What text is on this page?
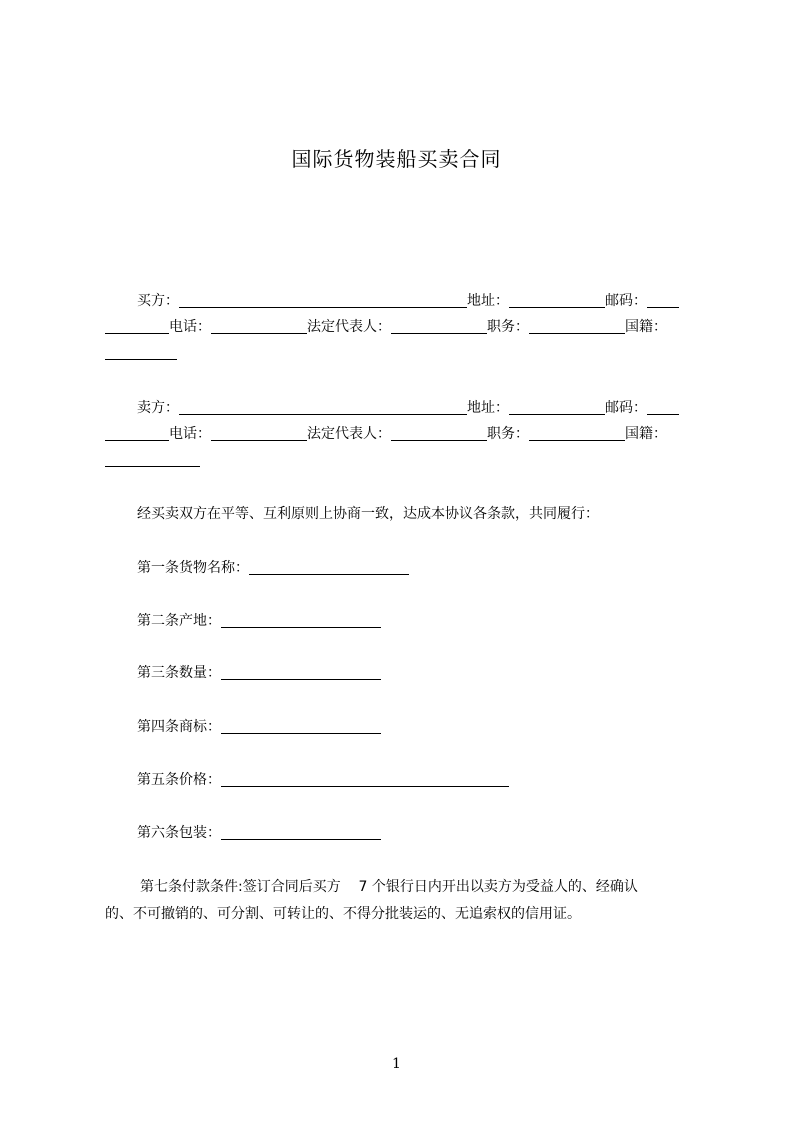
国际货物装船买卖合同
买方：	地址：	邮码：
电话：	法定代表人：	职务：	国籍：
卖方：	地址：	邮码：
电话：	法定代表人：	职务：	国籍：
经买卖双方在平等、互利原则上协商一致，达成本协议各条款，共同履行：
第一条货物名称：
第二条产地：
第三条数量：
第四条商标：
第五条价格：
第六条包装：
第七条付款条件:签订合同后买方    7 个银行日内开出以卖方为受益人的、经确认
的、不可撤销的、可分割、可转让的、不得分批装运的、无追索权的信用证。
1
